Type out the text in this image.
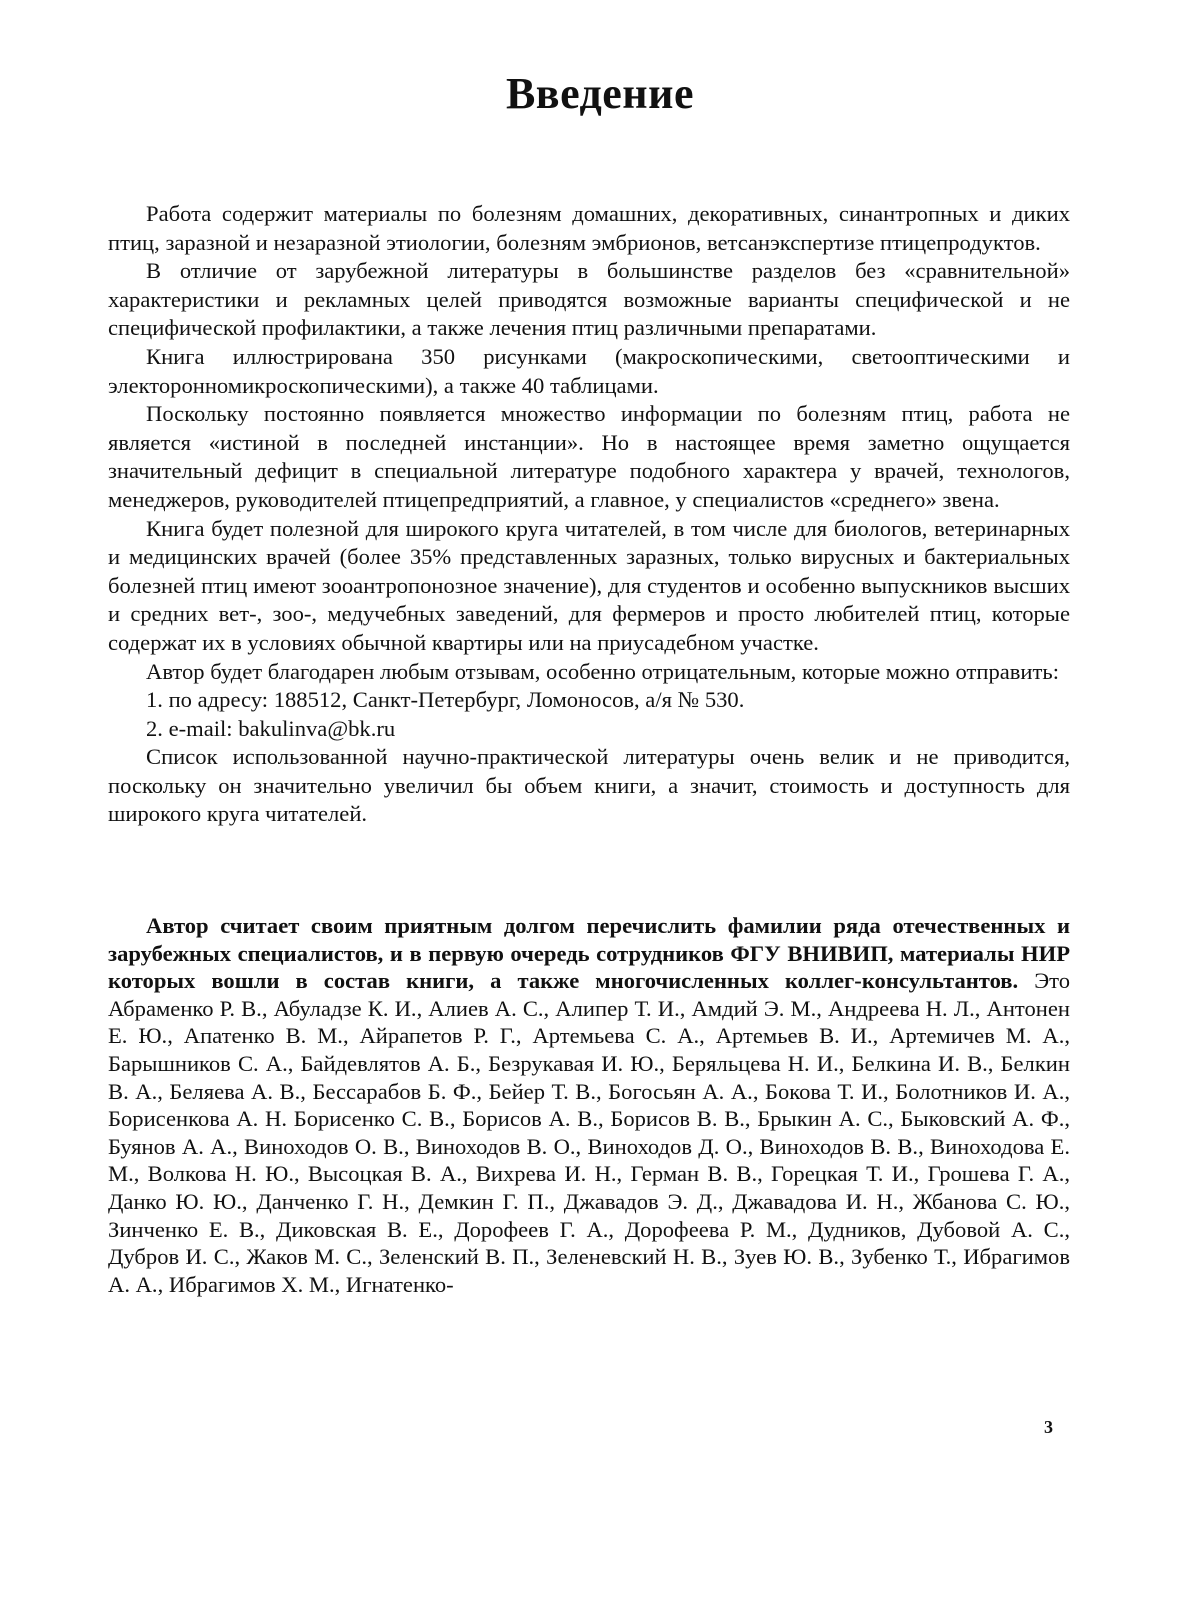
Введение

Работа содержит материалы по болезням домашних, декоративных, синантропных и диких птиц, заразной и незаразной этиологии, болезням эмбрионов, ветсанэкспертизе птицепродуктов.

В отличие от зарубежной литературы в большинстве разделов без «сравнительной» характеристики и рекламных целей приводятся возможные варианты специфической и не специфической профилактики, а также лечения птиц различными препаратами.

Книга иллюстрирована 350 рисунками (макроскопическими, светооптическими и электоронномикроскопическими), а также 40 таблицами.

Поскольку постоянно появляется множество информации по болезням птиц, работа не является «истиной в последней инстанции». Но в настоящее время заметно ощущается значительный дефицит в специальной литературе подобного характера у врачей, технологов, менеджеров, руководителей птицепредприятий, а главное, у специалистов «среднего» звена.

Книга будет полезной для широкого круга читателей, в том числе для биологов, ветеринарных и медицинских врачей (более 35% представленных заразных, только вирусных и бактериальных болезней птиц имеют зооантропонозное значение), для студентов и особенно выпускников высших и средних вет-, зоо-, медучебных заведений, для фермеров и просто любителей птиц, которые содержат их в условиях обычной квартиры или на приусадебном участке.

Автор будет благодарен любым отзывам, особенно отрицательным, которые можно отправить:

1. по адресу: 188512, Санкт-Петербург, Ломоносов, а/я № 530.

2. e-mail: bakulinva@bk.ru

Список использованной научно-практической литературы очень велик и не приводится, поскольку он значительно увеличил бы объем книги, а значит, стоимость и доступность для широкого круга читателей.

Автор считает своим приятным долгом перечислить фамилии ряда отечественных и зарубежных специалистов, и в первую очередь сотрудников ФГУ ВНИВИП, материалы НИР которых вошли в состав книги, а также многочисленных коллег-консультантов. Это Абраменко Р. В., Абуладзе К. И., Алиев А. С., Алипер Т. И., Амдий Э. М., Андреева Н. Л., Антонен Е. Ю., Апатенко В. М., Айрапетов Р. Г., Артемьева С. А., Артемьев В. И., Артемичев М. А., Барышников С. А., Байдевлятов А. Б., Безрукавая И. Ю., Беряльцева Н. И., Белкина И. В., Белкин В. А., Беляева А. В., Бессарабов Б. Ф., Бейер Т. В., Богосьян А. А., Бокова Т. И., Болотников И. А., Борисенкова А. Н. Борисенко С. В., Борисов А. В., Борисов В. В., Брыкин А. С., Быковский А. Ф., Буянов А. А., Виноходов О. В., Виноходов В. О., Виноходов Д. О., Виноходов В. В., Виноходова Е. М., Волкова Н. Ю., Высоцкая В. А., Вихрева И. Н., Герман В. В., Горецкая Т. И., Грошева Г. А., Данко Ю. Ю., Данченко Г. Н., Демкин Г. П., Джавадов Э. Д., Джавадова И. Н., Жбанова С. Ю., Зинченко Е. В., Диковская В. Е., Дорофеев Г. А., Дорофеева Р. М., Дудников, Дубовой А. С., Дубров И. С., Жаков М. С., Зеленский В. П., Зеленевский Н. В., Зуев Ю. В., Зубенко Т., Ибрагимов А. А., Ибрагимов Х. М., Игнатенко-

3
